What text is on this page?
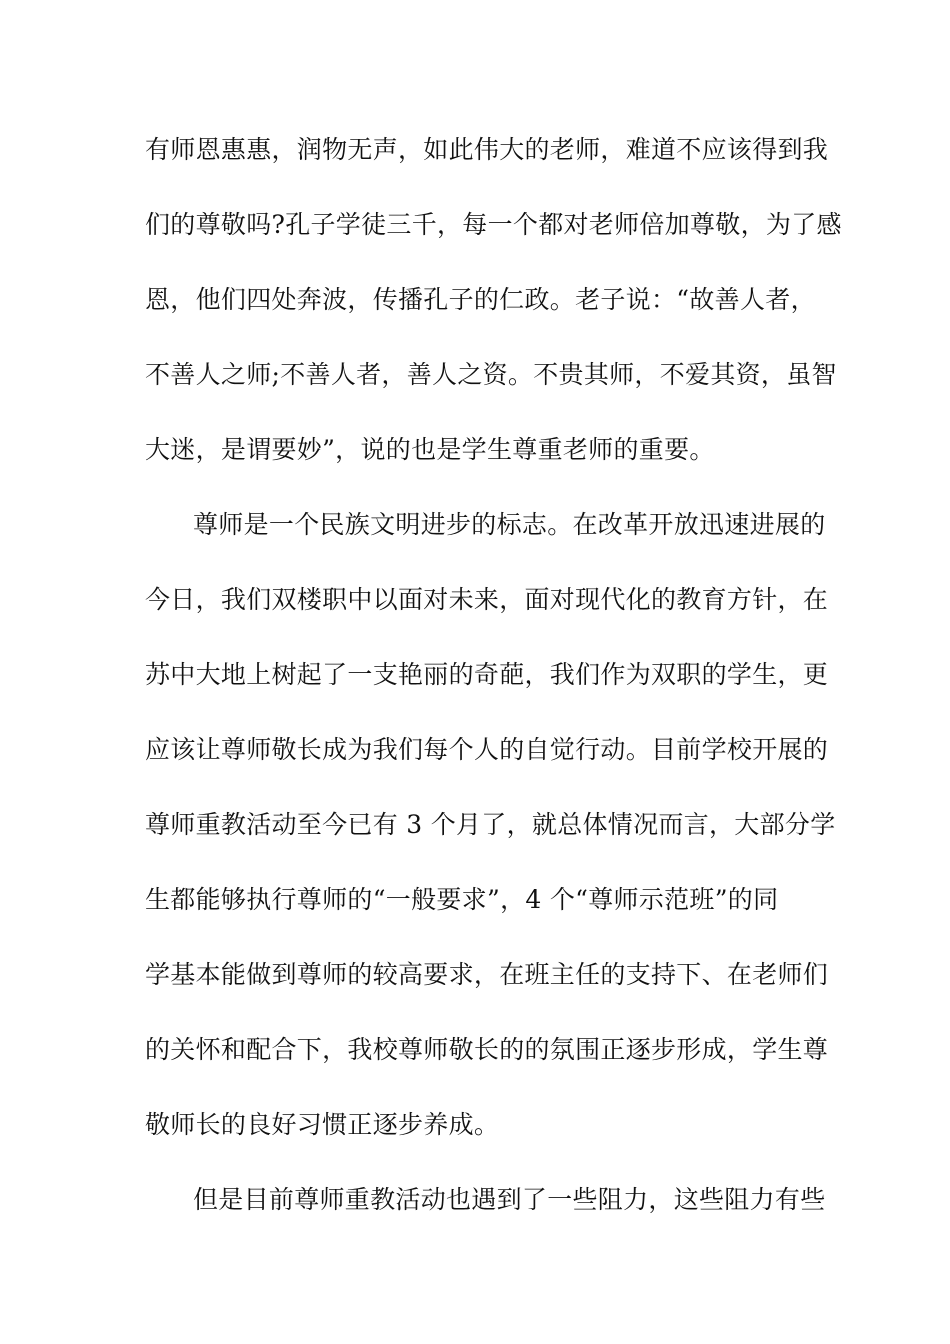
有师恩惠惠，润物无声，如此伟大的老师，难道不应该得到我
们的尊敬吗?孔子学徒三千，每一个都对老师倍加尊敬，为了感
恩，他们四处奔波，传播孔子的仁政。老子说：“故善人者，
不善人之师;不善人者，善人之资。不贵其师，不爱其资，虽智
大迷，是谓要妙”，说的也是学生尊重老师的重要。
尊师是一个民族文明进步的标志。在改革开放迅速进展的
今日，我们双楼职中以面对未来，面对现代化的教育方针，在
苏中大地上树起了一支艳丽的奇葩，我们作为双职的学生，更
应该让尊师敬长成为我们每个人的自觉行动。目前学校开展的
尊师重教活动至今已有 3 个月了，就总体情况而言，大部分学
生都能够执行尊师的“一般要求”，4 个“尊师示范班”的同
学基本能做到尊师的较高要求，在班主任的支持下、在老师们
的关怀和配合下，我校尊师敬长的的氛围正逐步形成，学生尊
敬师长的良好习惯正逐步养成。
但是目前尊师重教活动也遇到了一些阻力，这些阻力有些
